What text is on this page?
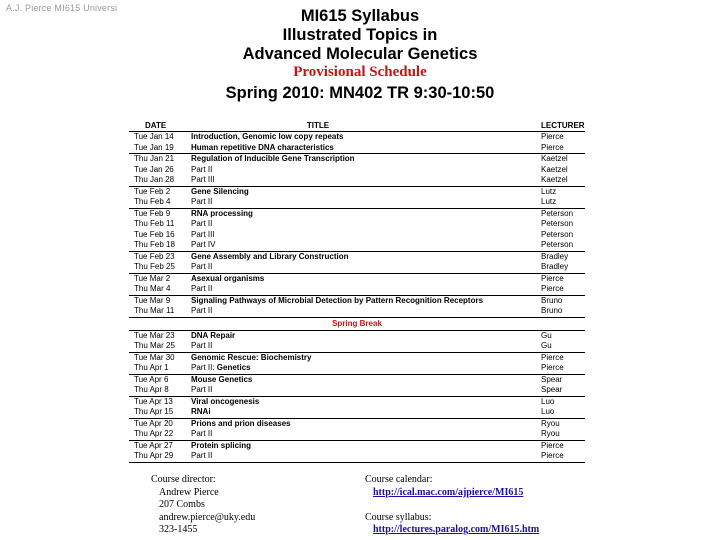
A.J. Pierce MI615 Universi	MI615 Syllabus
Illustrated Topics in
Advanced Molecular Genetics
Provisional Schedule
Spring 2010: MN402 TR 9:30-10:50
DATE	TITLE	LECTURER
Tue Jan 14	Introduction, Genomic low copy repeats	Pierce
Tue Jan 19	Human repetitive DNA characteristics	Pierce
Thu Jan 21	Regulation of Inducible Gene Transcription	Kaetzel
Tue Jan 26	Part II	Kaetzel
Thu Jan 28	Part III	Kaetzel
Tue Feb 2	Gene Silencing	Lutz
Thu Feb 4	Part II	Lutz
Tue Feb 9	RNA processing	Peterson
Thu Feb 11	Part II	Peterson
Tue Feb 16	Part III	Peterson
Thu Feb 18	Part IV	Peterson
Tue Feb 23	Gene Assembly and Library Construction	Bradley
Thu Feb 25	Part II	Bradley
Tue Mar 2	Asexual organisms	Pierce
Thu Mar 4	Part II	Pierce
Tue Mar 9	Signaling Pathways of Microbial Detection by Pattern Recognition Receptors	Bruno
Thu Mar 11	Part II	Bruno
Spring Break
Tue Mar 23	DNA Repair	Gu
Thu Mar 25	Part II	Gu
Tue Mar 30	Genomic Rescue: Biochemistry	Pierce
Thu Apr 1	Part II: Genetics	Pierce
Tue Apr 6	Mouse Genetics	Spear
Thu Apr 8	Part II	Spear
Tue Apr 13	Viral oncogenesis	Luo
Thu Apr 15	RNAi	Luo
Tue Apr 20	Prions and prion diseases	Ryou
Thu Apr 22	Part II	Ryou
Tue Apr 27	Protein splicing	Pierce
Thu Apr 29	Part II	Pierce
Course director:
Andrew Pierce
207 Combs
andrew.pierce@uky.edu
323-1455
Course calendar:
http://ical.mac.com/ajpierce/MI615
Course syllabus:
http://lectures.paralog.com/MI615.htm
